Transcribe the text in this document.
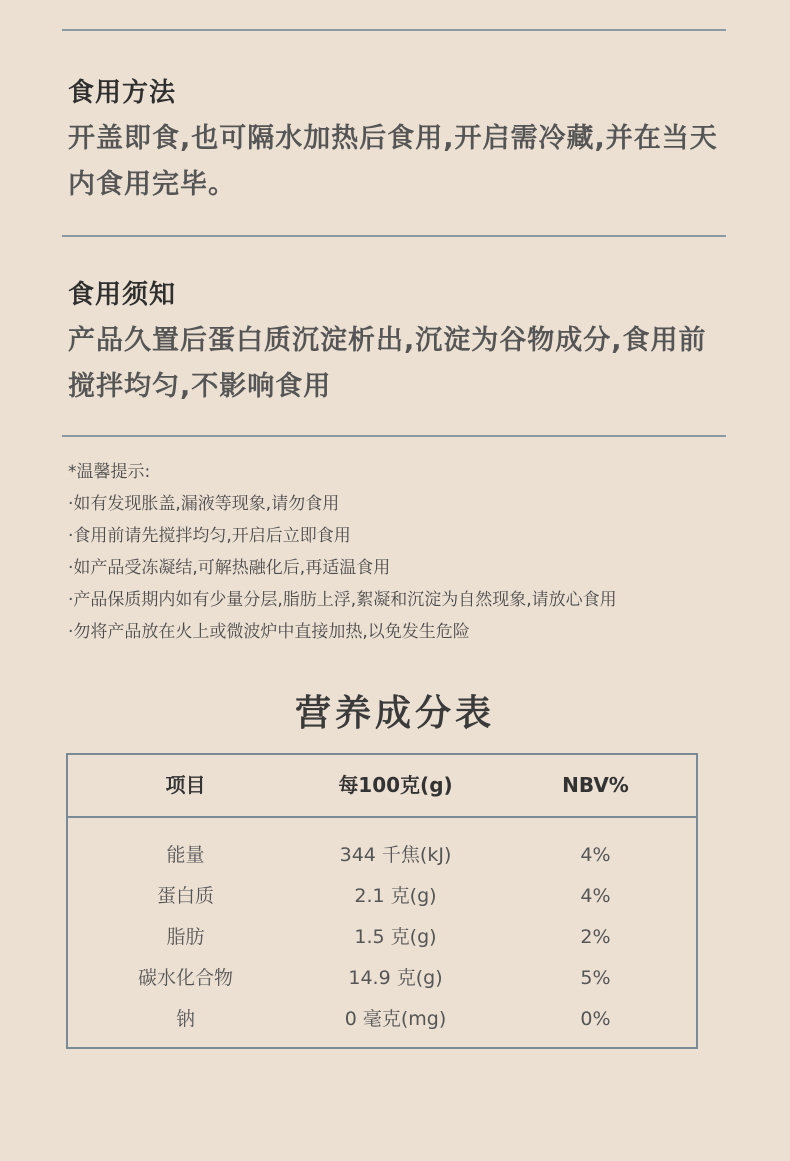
食用方法

开盖即食,也可隔水加热后食用,开启需冷藏,并在当天
内食用完毕。

食用须知

产品久置后蛋白质沉淀析出,沉淀为谷物成分,食用前
搅拌均匀,不影响食用

*温馨提示:
·如有发现胀盖,漏液等现象,请勿食用
·食用前请先搅拌均匀,开启后立即食用
·如产品受冻凝结,可解热融化后,再适温食用
·产品保质期内如有少量分层,脂肪上浮,絮凝和沉淀为自然现象,请放心食用
·勿将产品放在火上或微波炉中直接加热,以免发生危险
营养成分表
项目	每100克(g)	NBV%
能量	344 千焦(kJ)	4%
蛋白质	2.1 克(g)	4%
脂肪	1.5 克(g)	2%
碳水化合物	14.9 克(g)	5%
钠	0 毫克(mg)	0%
